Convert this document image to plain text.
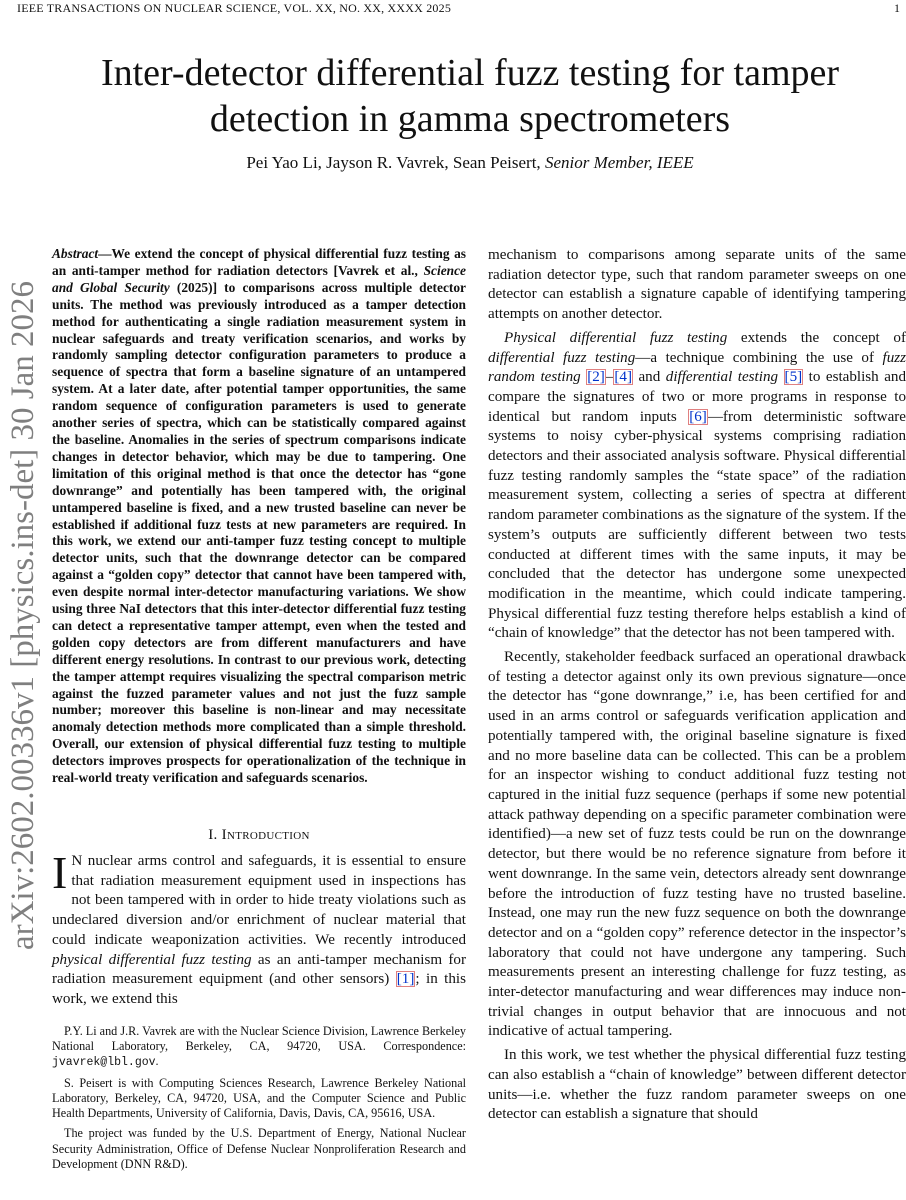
IEEE TRANSACTIONS ON NUCLEAR SCIENCE, VOL. XX, NO. XX, XXXX 2025	1
arXiv:2602.00336v1 [physics.ins-det] 30 Jan 2026
Inter-detector differential fuzz testing for tamper detection in gamma spectrometers
Pei Yao Li, Jayson R. Vavrek, Sean Peisert, Senior Member, IEEE

Abstract—We extend the concept of physical differential fuzz testing as an anti-tamper method for radiation detectors [Vavrek et al., Science and Global Security (2025)] to comparisons across multiple detector units. The method was previously introduced as a tamper detection method for authenticating a single radiation measurement system in nuclear safeguards and treaty verification scenarios, and works by randomly sampling detector configuration parameters to produce a sequence of spectra that form a baseline signature of an untampered system. At a later date, after potential tamper opportunities, the same random sequence of configuration parameters is used to generate another series of spectra, which can be statistically compared against the baseline. Anomalies in the series of spectrum comparisons indicate changes in detector behavior, which may be due to tampering. One limitation of this original method is that once the detector has “gone downrange” and potentially has been tampered with, the original untampered baseline is fixed, and a new trusted baseline can never be established if additional fuzz tests at new parameters are required. In this work, we extend our anti-tamper fuzz testing concept to multiple detector units, such that the downrange detector can be compared against a “golden copy” detector that cannot have been tampered with, even despite normal inter-detector manufacturing variations. We show using three NaI detectors that this inter-detector differential fuzz testing can detect a representative tamper attempt, even when the tested and golden copy detectors are from different manufacturers and have different energy resolutions. In contrast to our previous work, detecting the tamper attempt requires visualizing the spectral comparison metric against the fuzzed parameter values and not just the fuzz sample number; moreover this baseline is non-linear and may necessitate anomaly detection methods more complicated than a simple threshold. Overall, our extension of physical differential fuzz testing to multiple detectors improves prospects for operationalization of the technique in real-world treaty verification and safeguards scenarios.

I. Introduction

I N nuclear arms control and safeguards, it is essential to ensure that radiation measurement equipment used in inspections has not been tampered with in order to hide treaty violations such as undeclared diversion and/or enrichment of nuclear material that could indicate weaponization activities. We recently introduced physical differential fuzz testing as an anti-tamper mechanism for radiation measurement equipment (and other sensors) [1]; in this work, we extend this

P.Y. Li and J.R. Vavrek are with the Nuclear Science Division, Lawrence Berkeley National Laboratory, Berkeley, CA, 94720, USA. Correspondence: jvavrek@lbl.gov.

S. Peisert is with Computing Sciences Research, Lawrence Berkeley National Laboratory, Berkeley, CA, 94720, USA, and the Computer Science and Public Health Departments, University of California, Davis, Davis, CA, 95616, USA.

The project was funded by the U.S. Department of Energy, National Nuclear Security Administration, Office of Defense Nuclear Nonproliferation Research and Development (DNN R&D).

mechanism to comparisons among separate units of the same radiation detector type, such that random parameter sweeps on one detector can establish a signature capable of identifying tampering attempts on another detector.

Physical differential fuzz testing extends the concept of differential fuzz testing—a technique combining the use of fuzz random testing [2]–[4] and differential testing [5] to establish and compare the signatures of two or more programs in response to identical but random inputs [6]—from deterministic software systems to noisy cyber-physical systems comprising radiation detectors and their associated analysis software. Physical differential fuzz testing randomly samples the “state space” of the radiation measurement system, collecting a series of spectra at different random parameter combinations as the signature of the system. If the system’s outputs are sufficiently different between two tests conducted at different times with the same inputs, it may be concluded that the detector has undergone some unexpected modification in the meantime, which could indicate tampering. Physical differential fuzz testing therefore helps establish a kind of “chain of knowledge” that the detector has not been tampered with.

Recently, stakeholder feedback surfaced an operational drawback of testing a detector against only its own previous signature—once the detector has “gone downrange,” i.e, has been certified for and used in an arms control or safeguards verification application and potentially tampered with, the original baseline signature is fixed and no more baseline data can be collected. This can be a problem for an inspector wishing to conduct additional fuzz testing not captured in the initial fuzz sequence (perhaps if some new potential attack pathway depending on a specific parameter combination were identified)—a new set of fuzz tests could be run on the downrange detector, but there would be no reference signature from before it went downrange. In the same vein, detectors already sent downrange before the introduction of fuzz testing have no trusted baseline. Instead, one may run the new fuzz sequence on both the downrange detector and on a “golden copy” reference detector in the inspector’s laboratory that could not have undergone any tampering. Such measurements present an interesting challenge for fuzz testing, as inter-detector manufacturing and wear differences may induce non-trivial changes in output behavior that are innocuous and not indicative of actual tampering.

In this work, we test whether the physical differential fuzz testing can also establish a “chain of knowledge” between different detector units—i.e. whether the fuzz random parameter sweeps on one detector can establish a signature that should
